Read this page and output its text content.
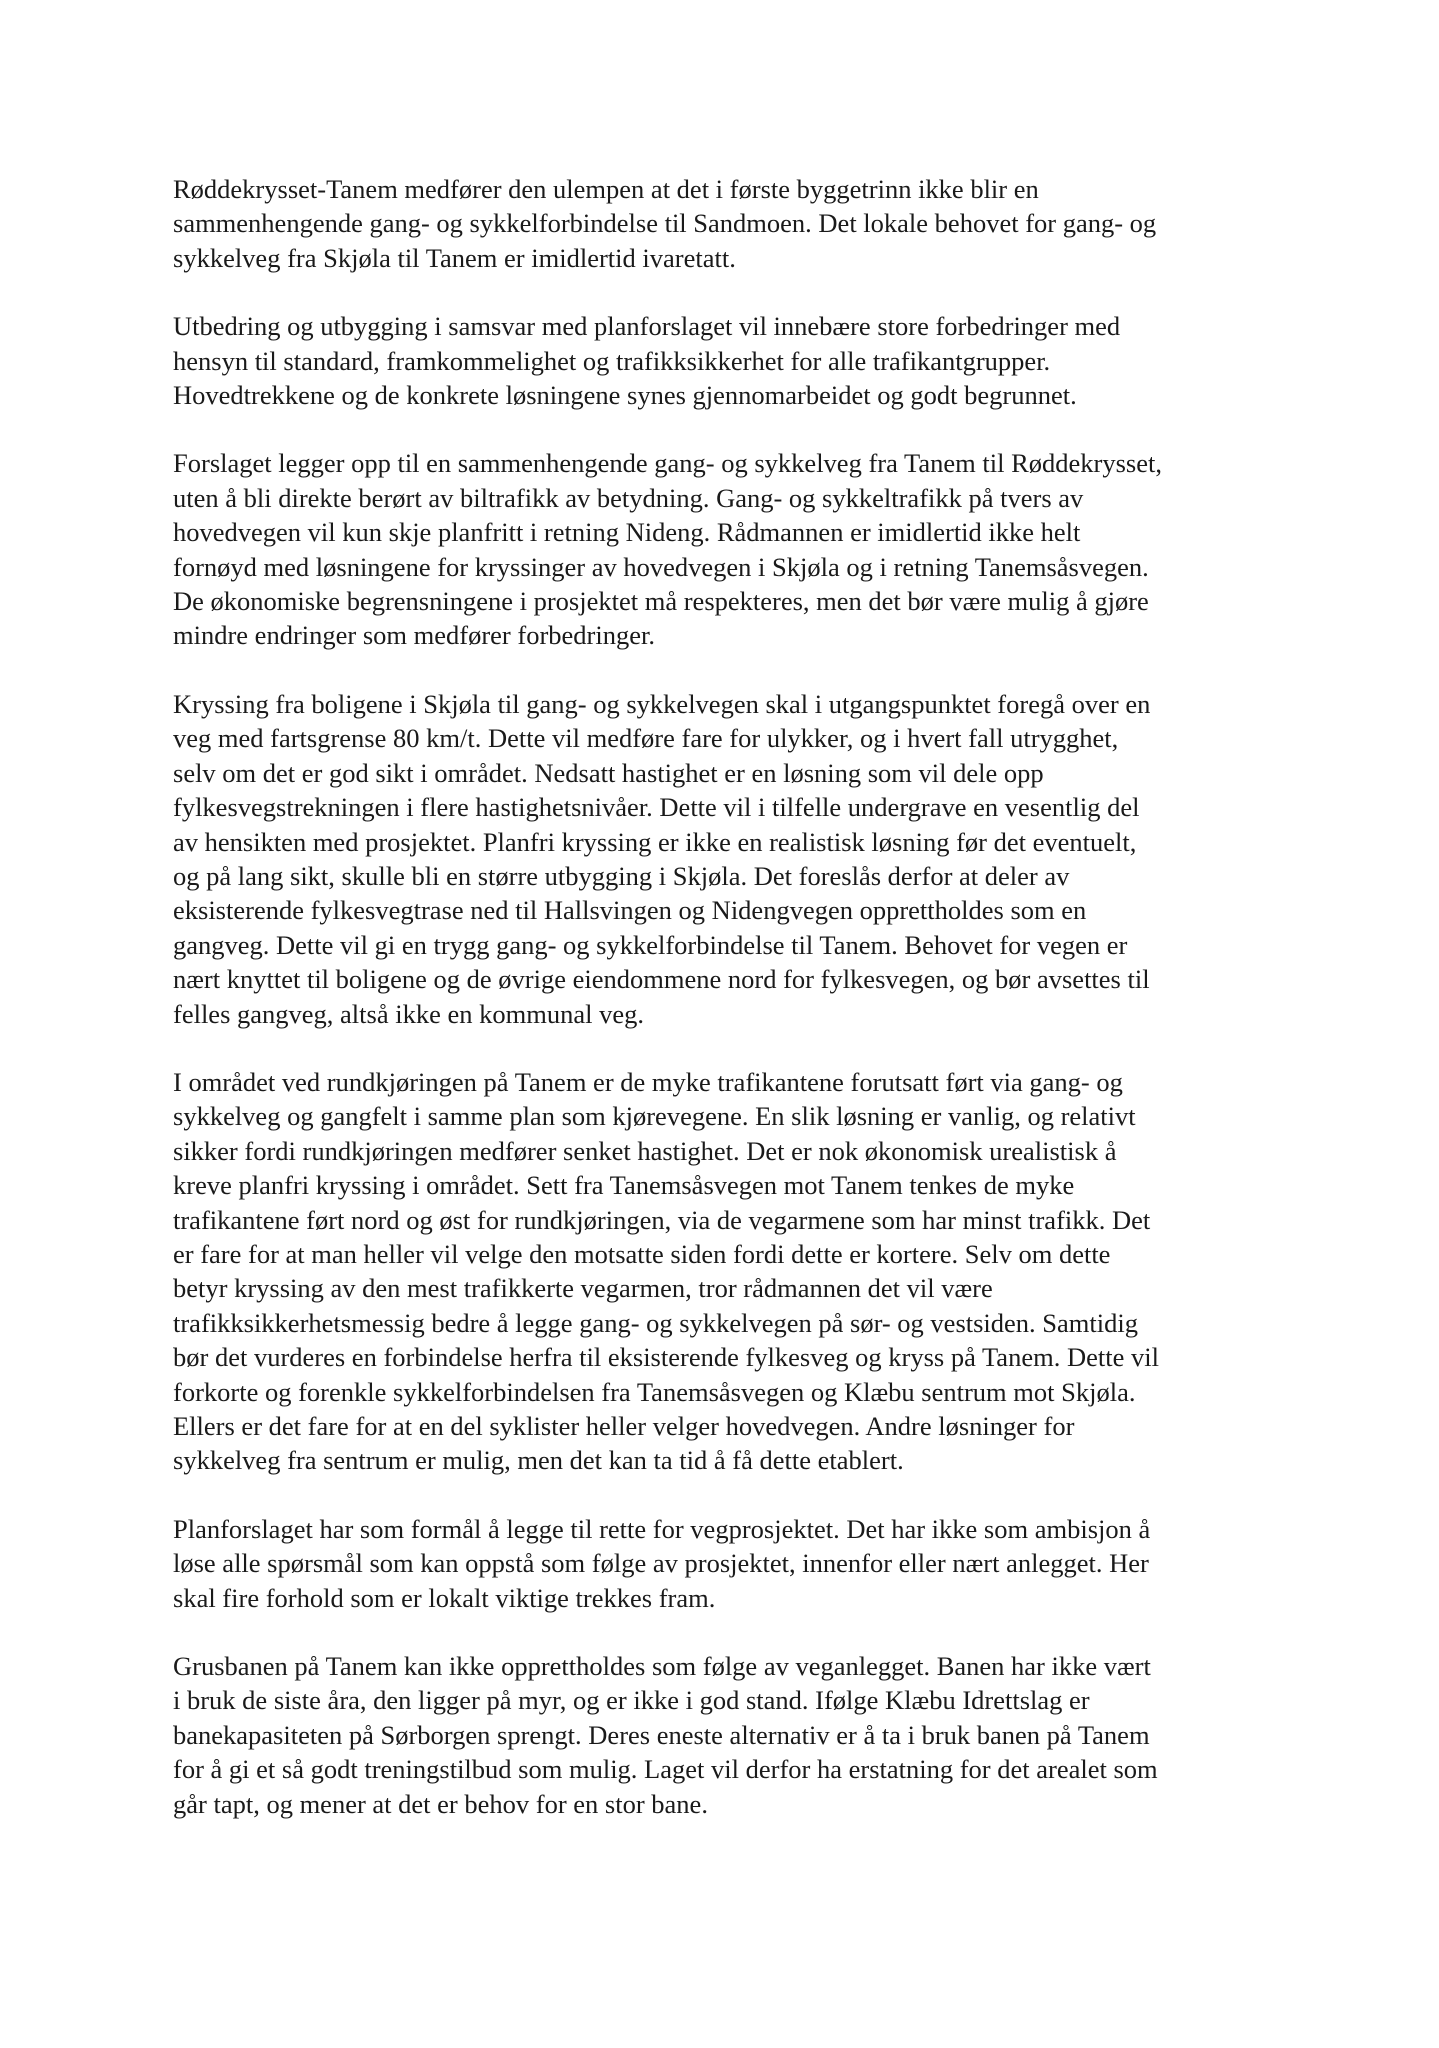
Røddekrysset-Tanem medfører den ulempen at det i første byggetrinn ikke blir en
sammenhengende gang- og sykkelforbindelse til Sandmoen. Det lokale behovet for gang- og
sykkelveg fra Skjøla til Tanem er imidlertid ivaretatt.

Utbedring og utbygging i samsvar med planforslaget vil innebære store forbedringer med
hensyn til standard, framkommelighet og trafikksikkerhet for alle trafikantgrupper.
Hovedtrekkene og de konkrete løsningene synes gjennomarbeidet og godt begrunnet.

Forslaget legger opp til en sammenhengende gang- og sykkelveg fra Tanem til Røddekrysset,
uten å bli direkte berørt av biltrafikk av betydning. Gang- og sykkeltrafikk på tvers av
hovedvegen vil kun skje planfritt i retning Nideng. Rådmannen er imidlertid ikke helt
fornøyd med løsningene for kryssinger av hovedvegen i Skjøla og i retning Tanemsåsvegen.
De økonomiske begrensningene i prosjektet må respekteres, men det bør være mulig å gjøre
mindre endringer som medfører forbedringer.

Kryssing fra boligene i Skjøla til gang- og sykkelvegen skal i utgangspunktet foregå over en
veg med fartsgrense 80 km/t. Dette vil medføre fare for ulykker, og i hvert fall utrygghet,
selv om det er god sikt i området. Nedsatt hastighet er en løsning som vil dele opp
fylkesvegstrekningen i flere hastighetsnivåer. Dette vil i tilfelle undergrave en vesentlig del
av hensikten med prosjektet. Planfri kryssing er ikke en realistisk løsning før det eventuelt,
og på lang sikt, skulle bli en større utbygging i Skjøla. Det foreslås derfor at deler av
eksisterende fylkesvegtrase ned til Hallsvingen og Nidengvegen opprettholdes som en
gangveg. Dette vil gi en trygg gang- og sykkelforbindelse til Tanem. Behovet for vegen er
nært knyttet til boligene og de øvrige eiendommene nord for fylkesvegen, og bør avsettes til
felles gangveg, altså ikke en kommunal veg.

I området ved rundkjøringen på Tanem er de myke trafikantene forutsatt ført via gang- og
sykkelveg og gangfelt i samme plan som kjørevegene. En slik løsning er vanlig, og relativt
sikker fordi rundkjøringen medfører senket hastighet. Det er nok økonomisk urealistisk å
kreve planfri kryssing i området. Sett fra Tanemsåsvegen mot Tanem tenkes de myke
trafikantene ført nord og øst for rundkjøringen, via de vegarmene som har minst trafikk. Det
er fare for at man heller vil velge den motsatte siden fordi dette er kortere. Selv om dette
betyr kryssing av den mest trafikkerte vegarmen, tror rådmannen det vil være
trafikksikkerhetsmessig bedre å legge gang- og sykkelvegen på sør- og vestsiden. Samtidig
bør det vurderes en forbindelse herfra til eksisterende fylkesveg og kryss på Tanem. Dette vil
forkorte og forenkle sykkelforbindelsen fra Tanemsåsvegen og Klæbu sentrum mot Skjøla.
Ellers er det fare for at en del syklister heller velger hovedvegen. Andre løsninger for
sykkelveg fra sentrum er mulig, men det kan ta tid å få dette etablert.

Planforslaget har som formål å legge til rette for vegprosjektet. Det har ikke som ambisjon å
løse alle spørsmål som kan oppstå som følge av prosjektet, innenfor eller nært anlegget. Her
skal fire forhold som er lokalt viktige trekkes fram.

Grusbanen på Tanem kan ikke opprettholdes som følge av veganlegget. Banen har ikke vært
i bruk de siste åra, den ligger på myr, og er ikke i god stand. Ifølge Klæbu Idrettslag er
banekapasiteten på Sørborgen sprengt. Deres eneste alternativ er å ta i bruk banen på Tanem
for å gi et så godt treningstilbud som mulig. Laget vil derfor ha erstatning for det arealet som
går tapt, og mener at det er behov for en stor bane.
